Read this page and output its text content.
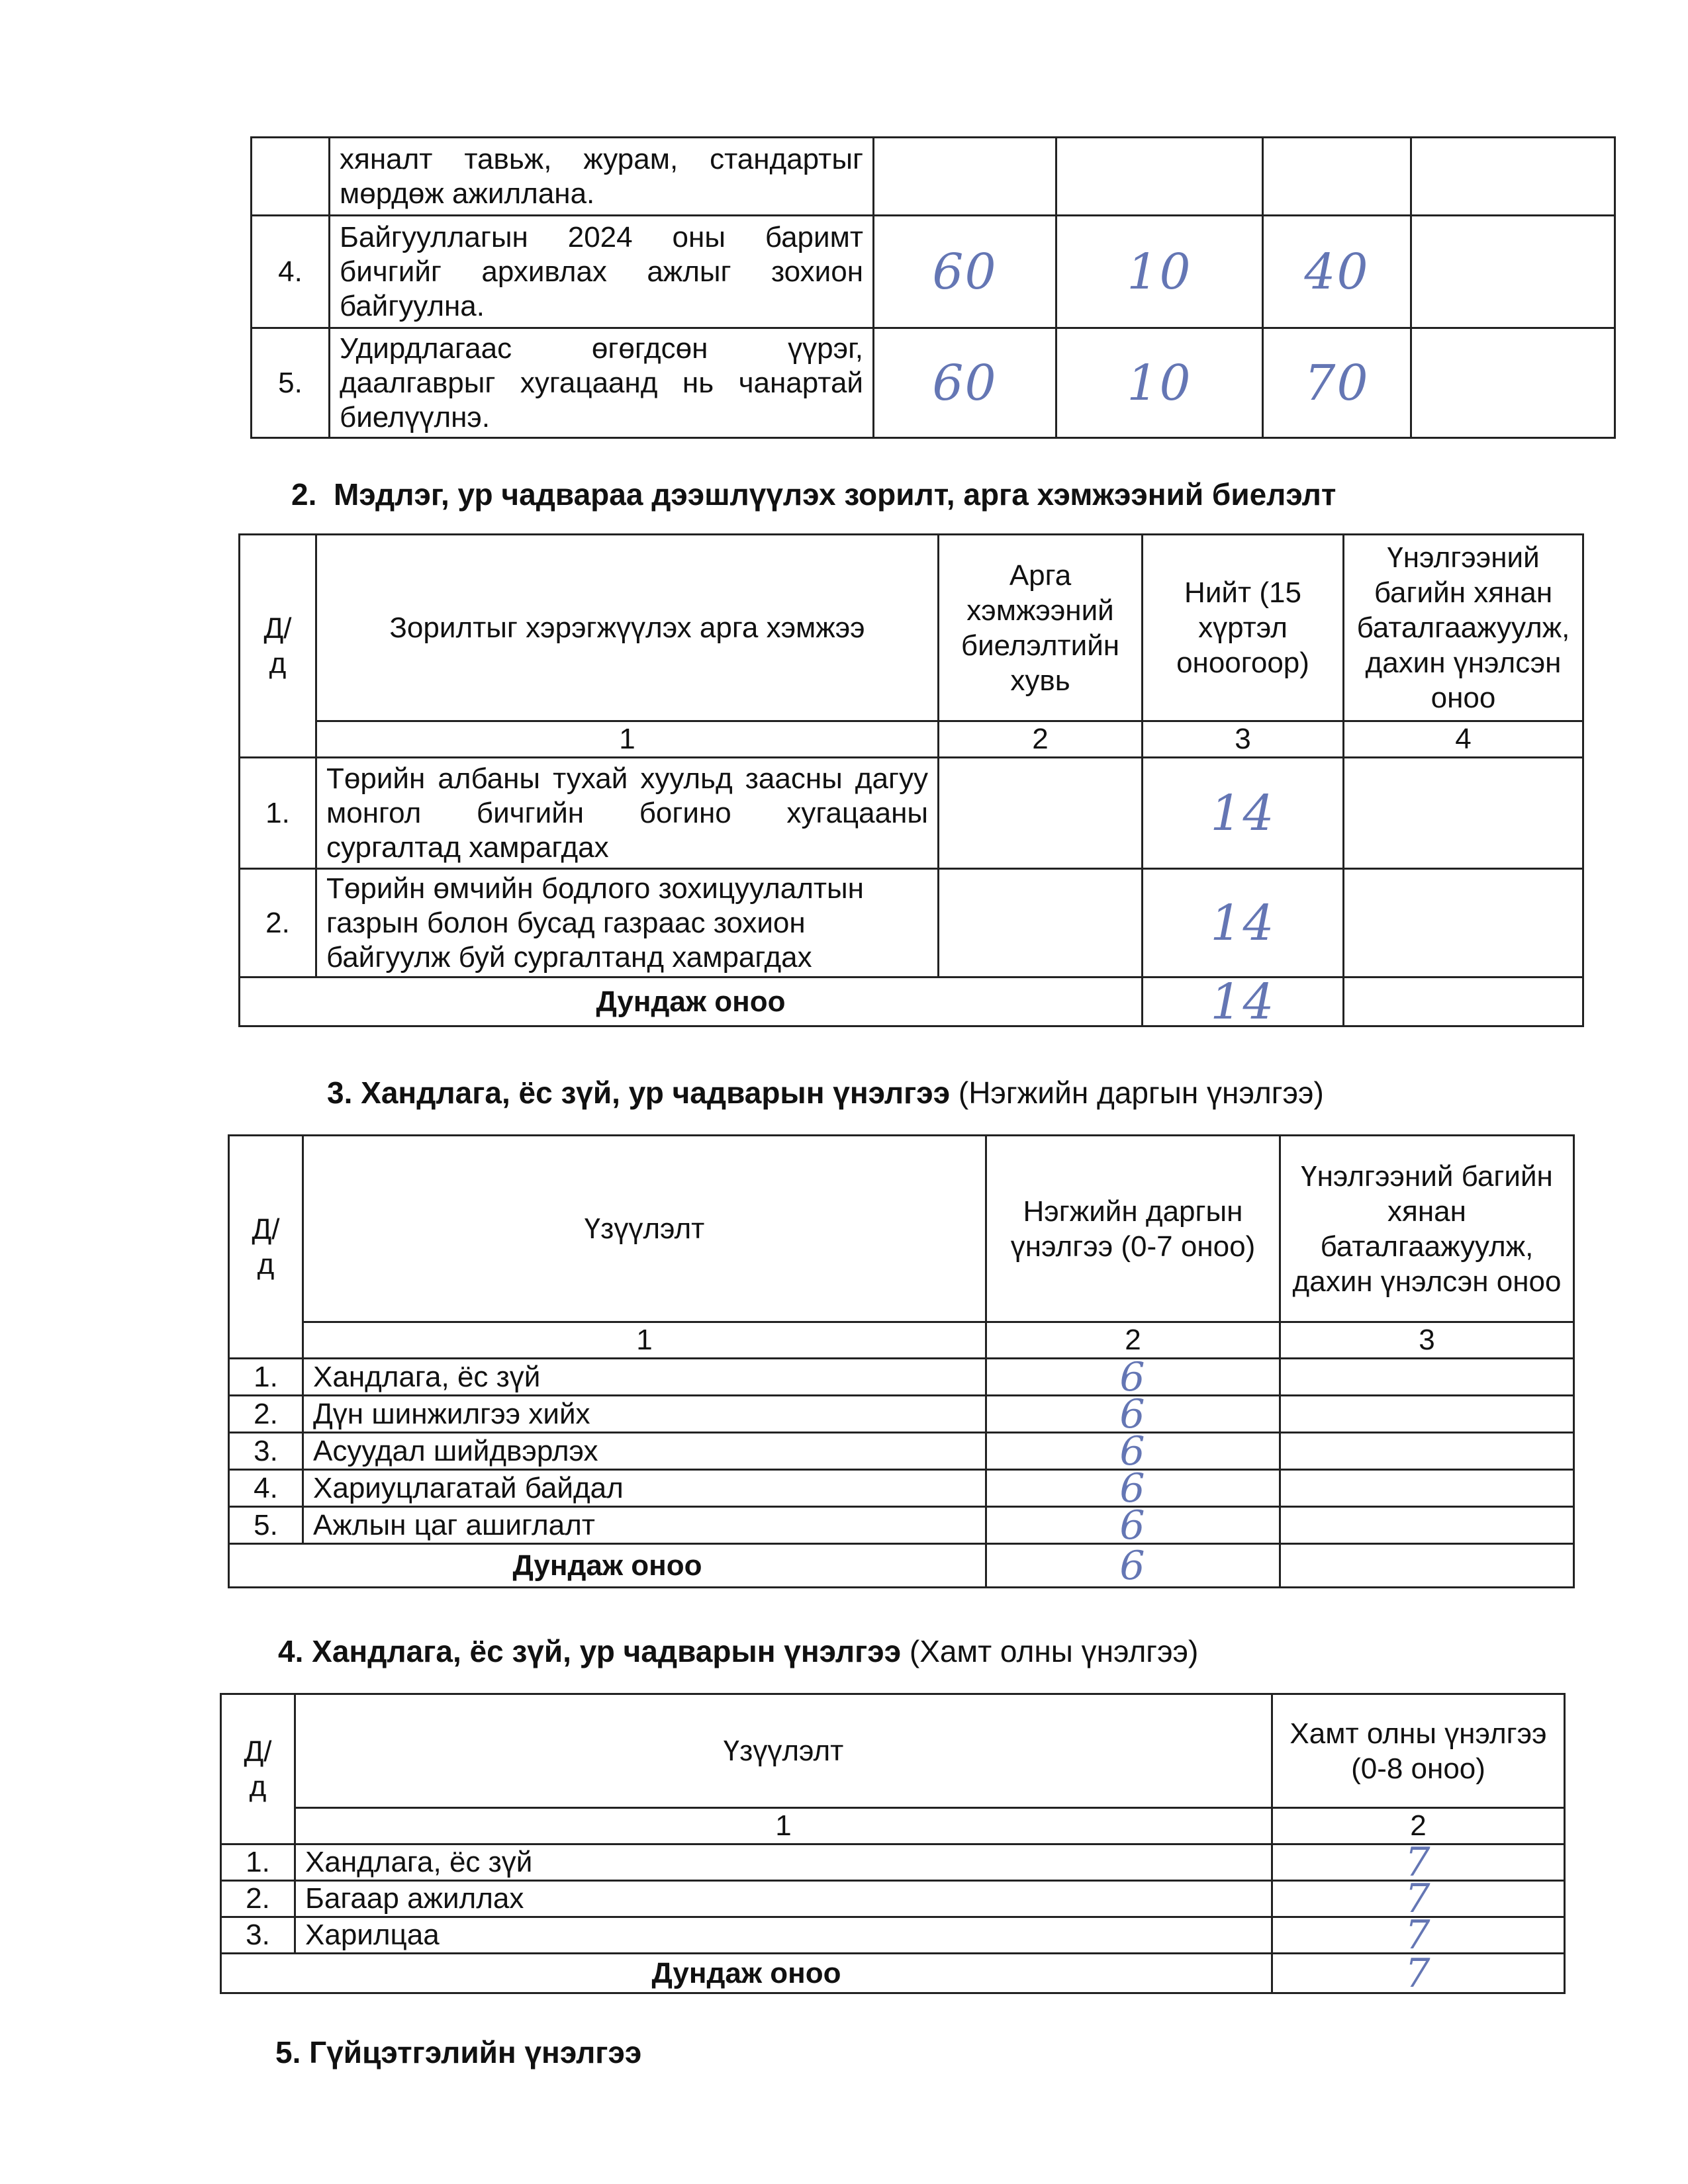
	хяналт тавьж, журам, стандартыг мөрдөж ажиллана.				
4.	Байгууллагын 2024 оны баримт бичгийг архивлах ажлыг зохион байгуулна.	60	10	40	
5.	Удирдлагаас өгөгдсөн үүрэг, даалгаврыг хугацаанд нь чанартай биелүүлнэ.	60	10	70	
2. Мэдлэг, ур чадвараа дээшлүүлэх зорилт, арга хэмжээний биелэлт
Д/
д	Зорилтыг хэрэгжүүлэх арга хэмжээ	Арга хэмжээний биелэлтийн хувь	Нийт (15 хүртэл оноогоор)	Үнэлгээний багийн хянан баталгаажуулж, дахин үнэлсэн оноо
	1	2	3	4
1.	Төрийн албаны тухай хуульд заасны дагуу монгол бичгийн богино хугацааны сургалтад хамрагдах		14	
2.	Төрийн өмчийн бодлого зохицуулалтын газрын болон бусад газраас зохион байгуулж буй сургалтанд хамрагдах		14	
Дундаж оноо			14	
3. Хандлага, ёс зүй, ур чадварын үнэлгээ (Нэгжийн даргын үнэлгээ)
Д/
д	Үзүүлэлт	Нэгжийн даргын үнэлгээ (0-7 оноо)	Үнэлгээний багийн хянан баталгаажуулж, дахин үнэлсэн оноо
	1	2	3
1.	Хандлага, ёс зүй	6	
2.	Дүн шинжилгээ хийх	6	
3.	Асуудал шийдвэрлэх	6	
4.	Хариуцлагатай байдал	6	
5.	Ажлын цаг ашиглалт	6	
Дундаж оноо		6	
4. Хандлага, ёс зүй, ур чадварын үнэлгээ (Хамт олны үнэлгээ)
Д/
д	Үзүүлэлт	Хамт олны үнэлгээ (0-8 оноо)
	1	2
1.	Хандлага, ёс зүй	7
2.	Багаар ажиллах	7
3.	Харилцаа	7
Дундаж оноо		7
5. Гүйцэтгэлийн үнэлгээ
